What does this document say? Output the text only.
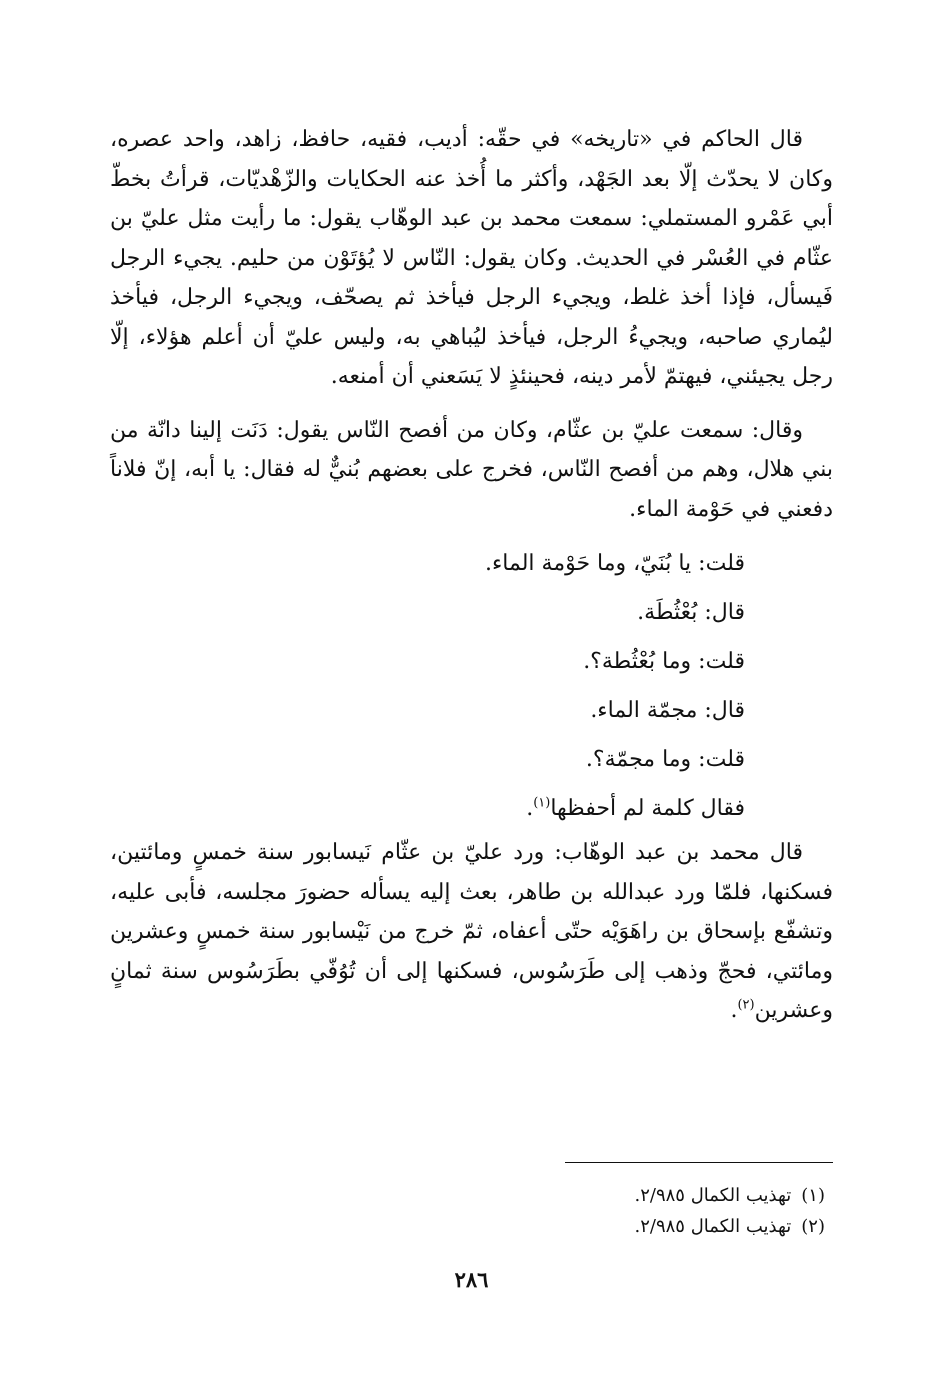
قال الحاكم في «تاريخه» في حقّه: أديب، فقيه، حافظ، زاهد، واحد عصره، وكان لا يحدّث إلّا بعد الجَهْد، وأكثر ما أُخذ عنه الحكايات والزّهْديّات، قرأتُ بخطّ أبي عَمْرو المستملي: سمعت محمد بن عبد الوهّاب يقول: ما رأيت مثل عليّ بن عثّام في العُسْر في الحديث. وكان يقول: النّاس لا يُؤتَوْن من حليم. يجيء الرجل فَيسأل، فإذا أخذ غلط، ويجيء الرجل فيأخذ ثم يصحّف، ويجيء الرجل، فيأخذ ليُماري صاحبه، ويجيءُ الرجل، فيأخذ ليُباهي به، وليس عليّ أن أعلم هؤلاء، إلّا رجل يجيئني، فيهتمّ لأمر دينه، فحينئذٍ لا يَسَعني أن أمنعه.

وقال: سمعت عليّ بن عثّام، وكان من أفصح النّاس يقول: دَنَت إلينا دانّة من بني هلال، وهم من أفصح النّاس، فخرج على بعضهم بُنيٌّ له فقال: يا أبه، إنّ فلاناً دفعني في حَوْمة الماء.

قلت: يا بُنَيّ، وما حَوْمة الماء.
قال: بُعْثُطَة.
قلت: وما بُعْثُطة؟.
قال: مجمّة الماء.
قلت: وما مجمّة؟.
فقال كلمة لم أحفظها$^{(١)}$.

قال محمد بن عبد الوهّاب: ورد عليّ بن عثّام نَيسابور سنة خمسٍ ومائتين، فسكنها، فلمّا ورد عبدالله بن طاهر، بعث إليه يسأله حضورَ مجلسه، فأبى عليه، وتشفّع بإسحاق بن راهَوَيْه حتّى أعفاه، ثمّ خرج من نَيْسابور سنة خمسٍ وعشرين ومائتي، فحجّ وذهب إلى طَرَسُوس، فسكنها إلى أن تُوُفّي بطَرَسُوس سنة ثمانٍ وعشرين$^{(٢)}$.

(١)تهذيب الكمال ٢/٩٨٥.
(٢)تهذيب الكمال ٢/٩٨٥.
٢٨٦
